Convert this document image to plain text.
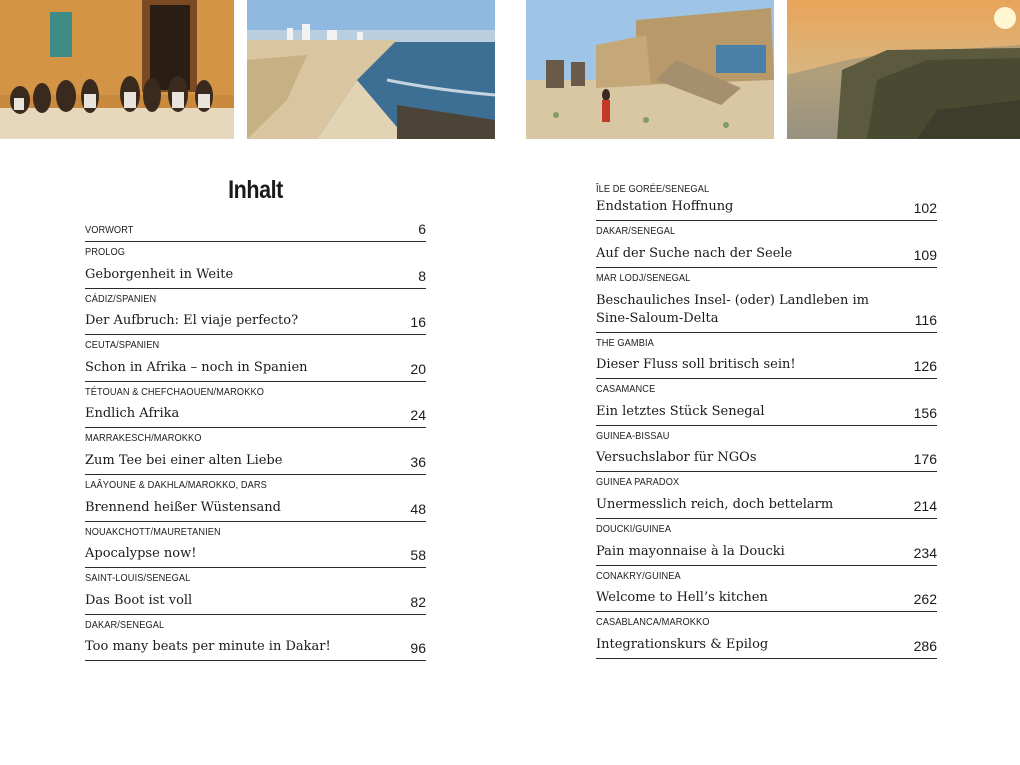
Inhalt
VORWORT	6
PROLOG
Geborgenheit in Weite	8
CÁDIZ/SPANIEN
Der Aufbruch: El viaje perfecto?	16
CEUTA/SPANIEN
Schon in Afrika – noch in Spanien	20
TÉTOUAN & CHEFCHAOUEN/MAROKKO
Endlich Afrika	24
MARRAKESCH/MAROKKO
Zum Tee bei einer alten Liebe	36
LAÂYOUNE & DAKHLA/MAROKKO, DARS
Brennend heißer Wüstensand	48
NOUAKCHOTT/MAURETANIEN
Apocalypse now!	58
SAINT-LOUIS/SENEGAL
Das Boot ist voll	82
DAKAR/SENEGAL
Too many beats per minute in Dakar!	96
ÎLE DE GORÉE/SENEGAL
Endstation Hoffnung	102
DAKAR/SENEGAL
Auf der Suche nach der Seele	109
MAR LODJ/SENEGAL
Beschauliches Insel- (oder) Landleben im Sine-Saloum-Delta	116
THE GAMBIA
Dieser Fluss soll britisch sein!	126
CASAMANCE
Ein letztes Stück Senegal	156
GUINEA-BISSAU
Versuchslabor für NGOs	176
GUINEA PARADOX
Unermesslich reich, doch bettelarm	214
DOUCKI/GUINEA
Pain mayonnaise à la Doucki	234
CONAKRY/GUINEA
Welcome to Hell’s kitchen	262
CASABLANCA/MAROKKO
Integrationskurs & Epilog	286
